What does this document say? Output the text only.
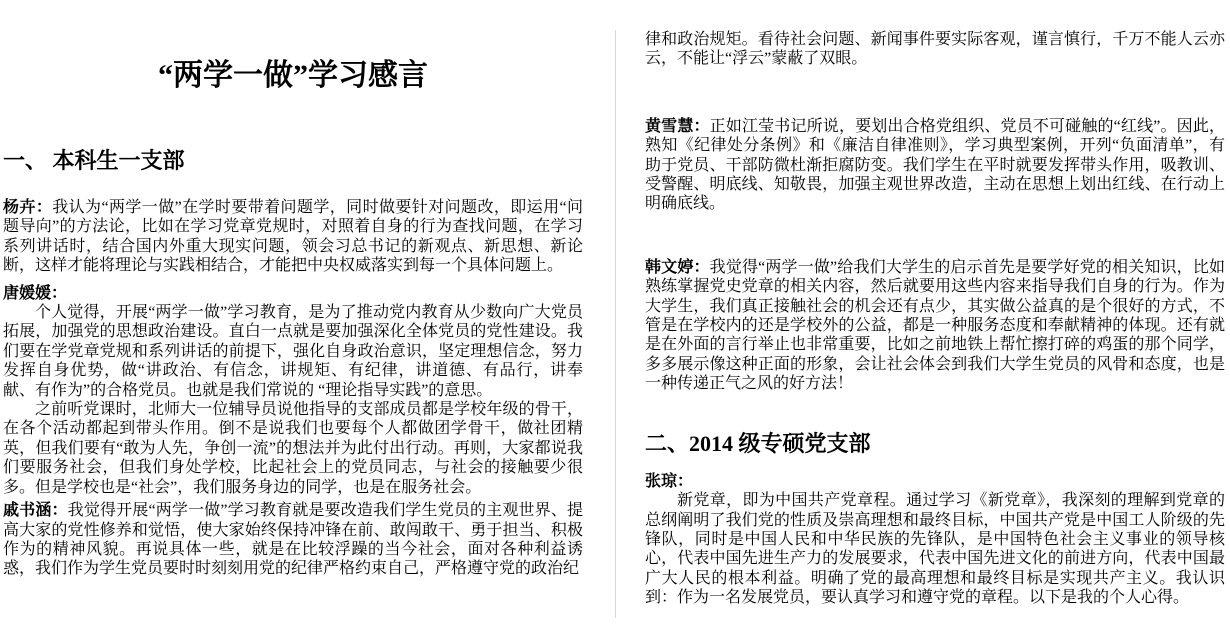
“两学一做”学习感言
一、 本科生一支部

杨卉：我认为“两学一做”在学时要带着问题学，同时做要针对问题改，即运用“问题导向”的方法论，比如在学习党章党规时，对照着自身的行为查找问题，在学习系列讲话时，结合国内外重大现实问题，领会习总书记的新观点、新思想、新论断，这样才能将理论与实践相结合，才能把中央权威落实到每一个具体问题上。

唐媛媛：

个人觉得，开展“两学一做”学习教育，是为了推动党内教育从少数向广大党员拓展，加强党的思想政治建设。直白一点就是要加强深化全体党员的党性建设。我们要在学党章党规和系列讲话的前提下，强化自身政治意识，坚定理想信念，努力发挥自身优势，做“讲政治、有信念，讲规矩、有纪律，讲道德、有品行，讲奉献、有作为”的合格党员。也就是我们常说的 “理论指导实践”的意思。

之前听党课时，北师大一位辅导员说他指导的支部成员都是学校年级的骨干，在各个活动都起到带头作用。倒不是说我们也要每个人都做团学骨干，做社团精英，但我们要有“敢为人先，争创一流”的想法并为此付出行动。再则，大家都说我们要服务社会，但我们身处学校，比起社会上的党员同志，与社会的接触要少很多。但是学校也是“社会”，我们服务身边的同学，也是在服务社会。

戚书涵：我觉得开展“两学一做”学习教育就是要改造我们学生党员的主观世界、提高大家的党性修养和觉悟，使大家始终保持冲锋在前、敢闯敢干、勇于担当、积极作为的精神风貌。再说具体一些，就是在比较浮躁的当今社会，面对各种利益诱惑，我们作为学生党员要时时刻刻用党的纪律严格约束自己，严格遵守党的政治纪

律和政治规矩。看待社会问题、新闻事件要实际客观，谨言慎行，千万不能人云亦云，不能让“浮云”蒙蔽了双眼。

黄雪慧：正如江莹书记所说，要划出合格党组织、党员不可碰触的“红线”。因此，熟知《纪律处分条例》和《廉洁自律准则》，学习典型案例，开列“负面清单”，有助于党员、干部防微杜渐拒腐防变。我们学生在平时就要发挥带头作用，吸教训、受警醒、明底线、知敬畏，加强主观世界改造，主动在思想上划出红线、在行动上明确底线。

韩文婷：我觉得“两学一做”给我们大学生的启示首先是要学好党的相关知识，比如熟练掌握党史党章的相关内容，然后就要用这些内容来指导我们自身的行为。作为大学生，我们真正接触社会的机会还有点少，其实做公益真的是个很好的方式，不管是在学校内的还是学校外的公益，都是一种服务态度和奉献精神的体现。还有就是在外面的言行举止也非常重要，比如之前地铁上帮忙擦打碎的鸡蛋的那个同学，多多展示像这种正面的形象，会让社会体会到我们大学生党员的风骨和态度，也是一种传递正气之风的好方法！

二、2014 级专硕党支部

张琼：

新党章，即为中国共产党章程。通过学习《新党章》，我深刻的理解到党章的总纲阐明了我们党的性质及崇高理想和最终目标，中国共产党是中国工人阶级的先锋队，同时是中国人民和中华民族的先锋队，是中国特色社会主义事业的领导核心，代表中国先进生产力的发展要求，代表中国先进文化的前进方向，代表中国最广大人民的根本利益。明确了党的最高理想和最终目标是实现共产主义。我认识到：作为一名发展党员，要认真学习和遵守党的章程。以下是我的个人心得。
